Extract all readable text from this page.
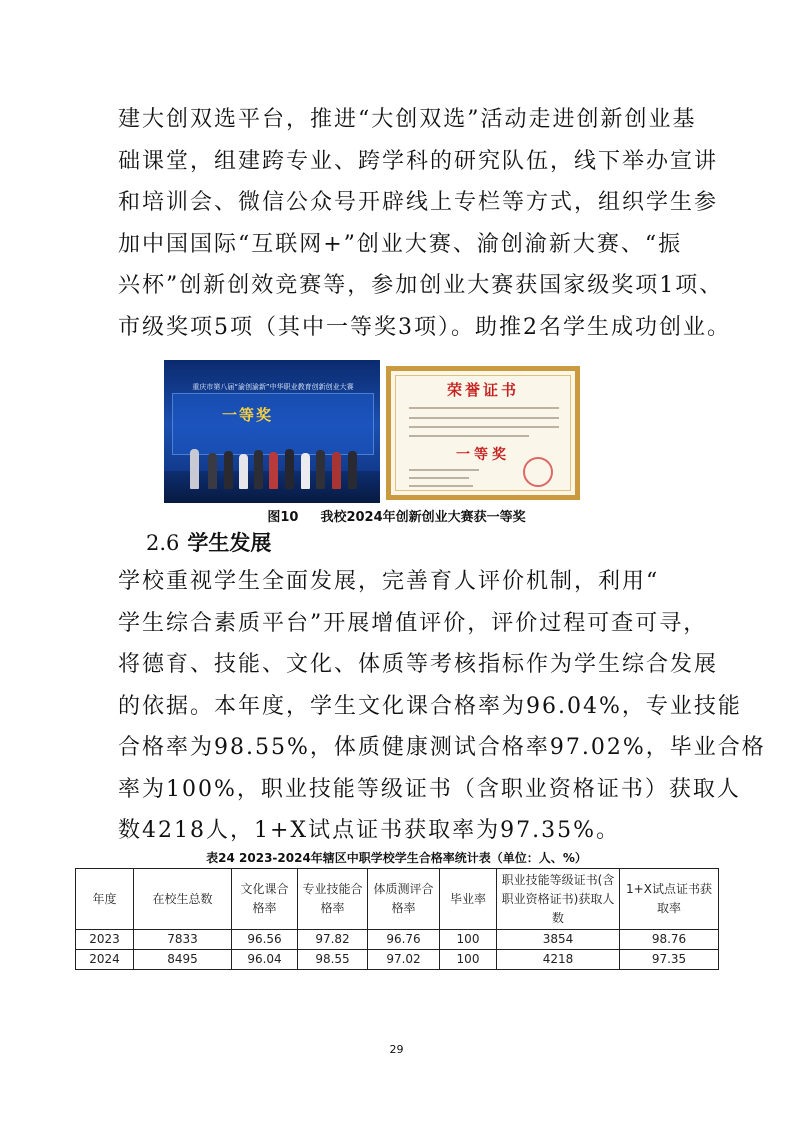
建大创双选平台，推进“大创双选”活动走进创新创业基
础课堂，组建跨专业、跨学科的研究队伍，线下举办宣讲
和培训会、微信公众号开辟线上专栏等方式，组织学生参
加中国国际“互联网+”创业大赛、渝创渝新大赛、“振
兴杯”创新创效竞赛等，参加创业大赛获国家级奖项1项、
市级奖项5项（其中一等奖3项）。助推2名学生成功创业。
重庆市第八届“渝创渝新”中华职业教育创新创业大赛
一等奖
荣誉证书
一等奖

图10 我校2024年创新创业大赛获一等奖

2.6 学生发展
学校重视学生全面发展，完善育人评价机制，利用“
学生综合素质平台”开展增值评价，评价过程可查可寻，
将德育、技能、文化、体质等考核指标作为学生综合发展
的依据。本年度，学生文化课合格率为96.04%，专业技能
合格率为98.55%，体质健康测试合格率97.02%，毕业合格
率为100%，职业技能等级证书（含职业资格证书）获取人
数4218人，1+X试点证书获取率为97.35%。

表24 2023-2024年辖区中职学校学生合格率统计表（单位：人、%）

年度	在校生总数	文化课合格率	专业技能合格率	体质测评合格率	毕业率	职业技能等级证书(含职业资格证书)获取人数	1+X试点证书获取率
2023	7833	96.56	97.82	96.76	100	3854	98.76
2024	8495	96.04	98.55	97.02	100	4218	97.35

29
